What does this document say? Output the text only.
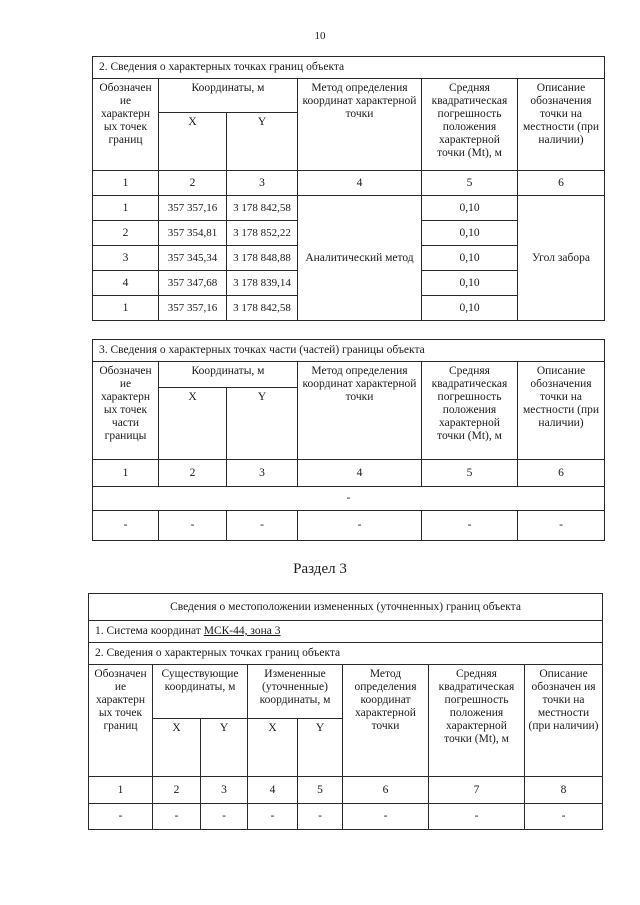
10
2. Сведения о характерных точках границ объекта					
Обозначен ие характерн ых точек границ	Координаты, м		Метод определения координат характерной точки	Средняя квадратическая погрешность положения характерной точки (Mt), м	Описание обозначения точки на местности (при наличии)
	X	Y			
1	2	3	4	5	6
1	357 357,16	3 178 842,58	Аналитический метод	0,10	Угол забора
2	357 354,81	3 178 852,22		0,10	
3	357 345,34	3 178 848,88		0,10	
4	357 347,68	3 178 839,14		0,10	
1	357 357,16	3 178 842,58		0,10	
3. Сведения о характерных точках части (частей) границы объекта					
Обозначен ие характерн ых точек части границы	Координаты, м		Метод определения координат характерной точки	Средняя квадратическая погрешность положения характерной точки (Mt), м	Описание обозначения точки на местности (при наличии)
	X	Y			
1	2	3	4	5	6
-					
-	-	-	-	-	-
Раздел 3
Сведения о местоположении измененных (уточненных) границ объекта							
1. Система координат МСК-44, зона 3							
2. Сведения о характерных точках границ объекта							
Обозначен ие характерн ых точек границ	Существующие координаты, м		Измененные (уточненные) координаты, м		Метод определения координат характерной точки	Средняя квадратическая погрешность положения характерной точки (Mt), м	Описание обозначен ия точки на местности (при наличии)
	X	Y	X	Y			
1	2	3	4	5	6	7	8
-	-	-	-	-	-	-	-
